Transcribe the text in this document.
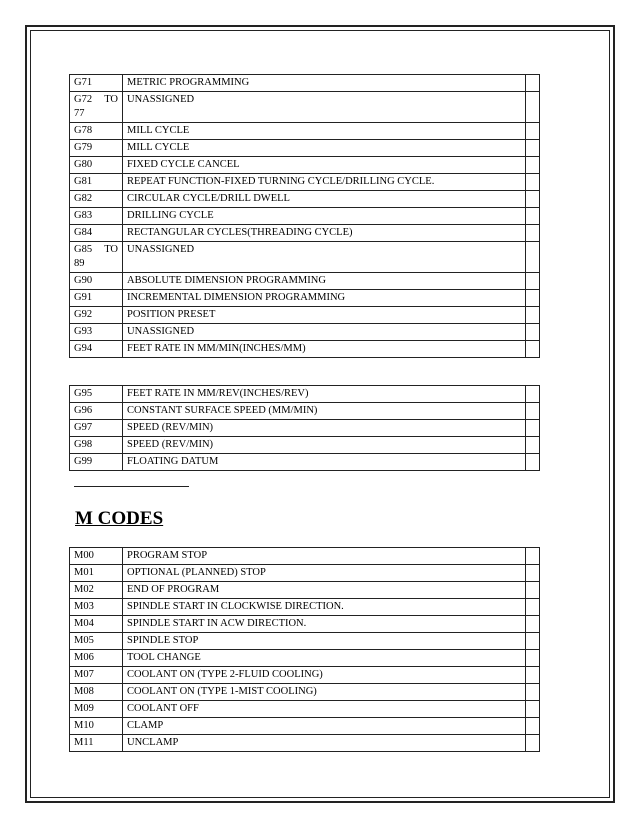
G71	METRIC PROGRAMMING	
G72 TO 77	UNASSIGNED	
G78	MILL CYCLE	
G79	MILL CYCLE	
G80	FIXED CYCLE CANCEL	
G81	REPEAT FUNCTION-FIXED TURNING CYCLE/DRILLING CYCLE.	
G82	CIRCULAR CYCLE/DRILL DWELL	
G83	DRILLING CYCLE	
G84	RECTANGULAR CYCLES(THREADING CYCLE)	
G85 TO 89	UNASSIGNED	
G90	ABSOLUTE DIMENSION PROGRAMMING	
G91	INCREMENTAL DIMENSION PROGRAMMING	
G92	POSITION PRESET	
G93	UNASSIGNED	
G94	FEET RATE IN MM/MIN(INCHES/MM)	
G95	FEET RATE IN MM/REV(INCHES/REV)	
G96	CONSTANT SURFACE SPEED (MM/MIN)	
G97	SPEED (REV/MIN)	
G98	SPEED (REV/MIN)	
G99	FLOATING DATUM	
M CODES
M00	PROGRAM STOP	
M01	OPTIONAL (PLANNED) STOP	
M02	END OF PROGRAM	
M03	SPINDLE START IN CLOCKWISE DIRECTION.	
M04	SPINDLE START IN ACW DIRECTION.	
M05	SPINDLE STOP	
M06	TOOL CHANGE	
M07	COOLANT ON (TYPE 2-FLUID COOLING)	
M08	COOLANT ON (TYPE 1-MIST COOLING)	
M09	COOLANT OFF	
M10	CLAMP	
M11	UNCLAMP	
